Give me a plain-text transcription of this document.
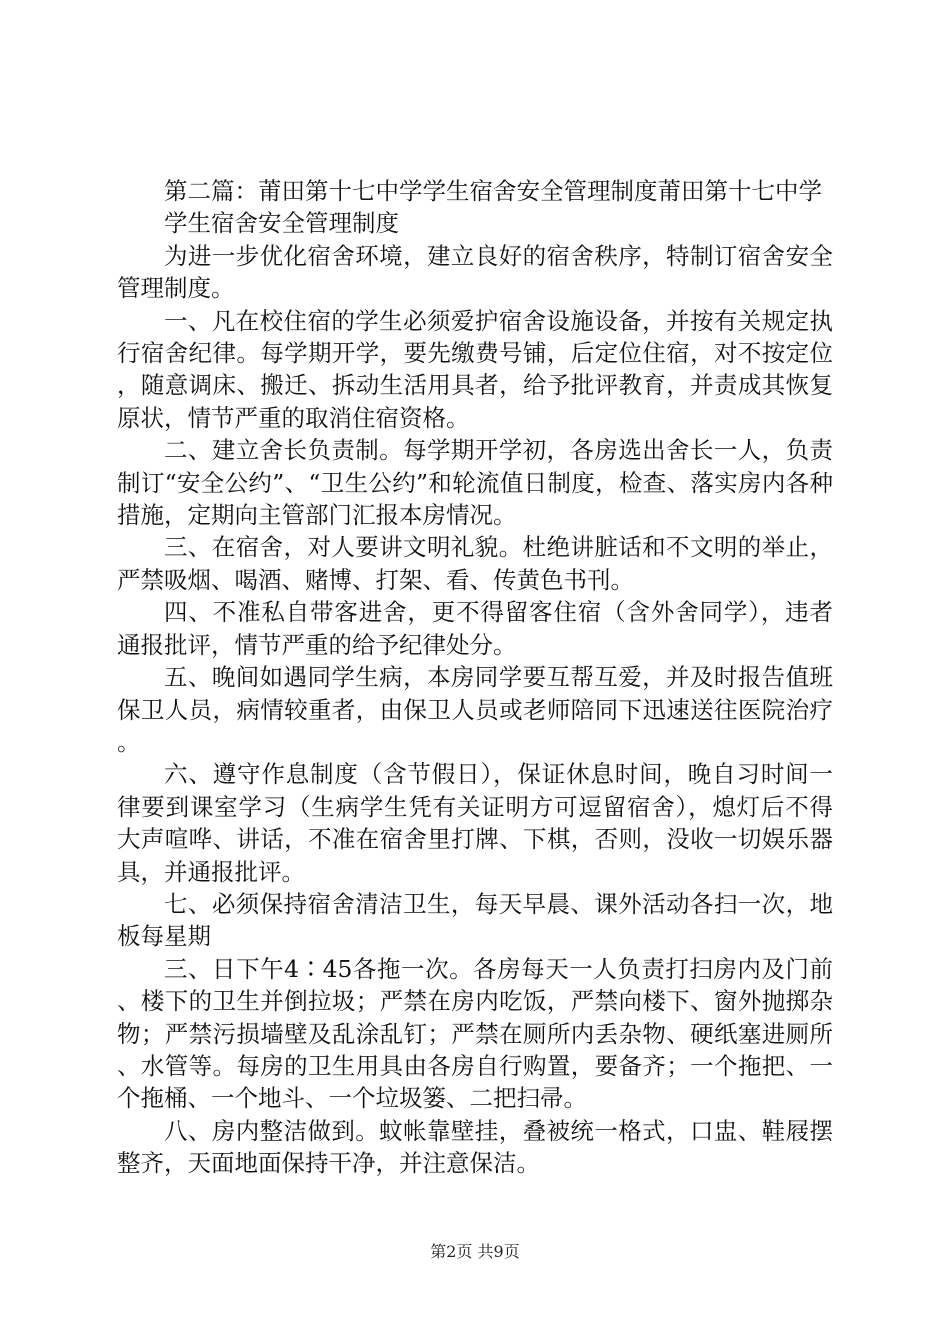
第二篇：莆田第十七中学学生宿舍安全管理制度莆田第十七中学

学生宿舍安全管理制度

为进一步优化宿舍环境，建立良好的宿舍秩序，特制订宿舍安全管理制度。

一、凡在校住宿的学生必须爱护宿舍设施设备，并按有关规定执行宿舍纪律。每学期开学，要先缴费号铺，后定位住宿，对不按定位，随意调床、搬迁、拆动生活用具者，给予批评教育，并责成其恢复原状，情节严重的取消住宿资格。

二、建立舍长负责制。每学期开学初，各房选出舍长一人，负责制订“安全公约”、“卫生公约”和轮流值日制度，检查、落实房内各种措施，定期向主管部门汇报本房情况。

三、在宿舍，对人要讲文明礼貌。杜绝讲脏话和不文明的举止，严禁吸烟、喝酒、赌博、打架、看、传黄色书刊。

四、不准私自带客进舍，更不得留客住宿（含外舍同学），违者通报批评，情节严重的给予纪律处分。

五、晚间如遇同学生病，本房同学要互帮互爱，并及时报告值班保卫人员，病情较重者，由保卫人员或老师陪同下迅速送往医院治疗。

六、遵守作息制度（含节假日），保证休息时间，晚自习时间一律要到课室学习（生病学生凭有关证明方可逗留宿舍），熄灯后不得大声喧哗、讲话，不准在宿舍里打牌、下棋，否则，没收一切娱乐器具，并通报批评。

七、必须保持宿舍清洁卫生，每天早晨、课外活动各扫一次，地板每星期

三、日下午4∶45各拖一次。各房每天一人负责打扫房内及门前、楼下的卫生并倒拉圾；严禁在房内吃饭，严禁向楼下、窗外抛掷杂物；严禁污损墙壁及乱涂乱钉；严禁在厕所内丢杂物、硬纸塞进厕所、水管等。每房的卫生用具由各房自行购置，要备齐；一个拖把、一个拖桶、一个地斗、一个垃圾篓、二把扫帚。

八、房内整洁做到。蚊帐靠壁挂，叠被统一格式，口盅、鞋屐摆整齐，天面地面保持干净，并注意保洁。

第2页 共9页
